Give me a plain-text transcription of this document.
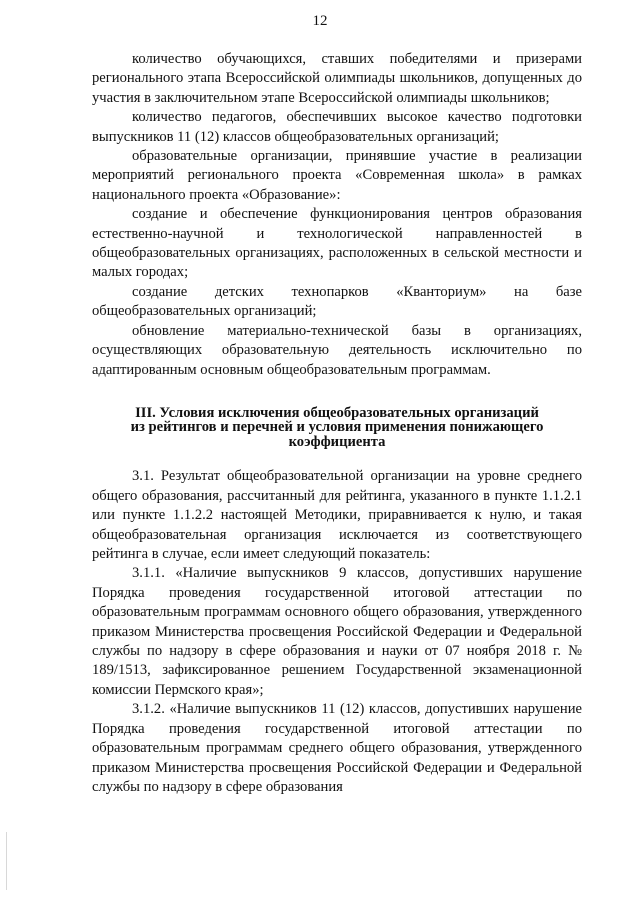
12

количество обучающихся, ставших победителями и призерами регионального этапа Всероссийской олимпиады школьников, допущенных до участия в заключительном этапе Всероссийской олимпиады школьников;

количество педагогов, обеспечивших высокое качество подготовки выпускников 11 (12) классов общеобразовательных организаций;

образовательные организации, принявшие участие в реализации мероприятий регионального проекта «Современная школа» в рамках национального проекта «Образование»:

создание и обеспечение функционирования центров образования естественно-научной и технологической направленностей в общеобразовательных организациях, расположенных в сельской местности и малых городах;

создание детских технопарков «Кванториум» на базе общеобразовательных организаций;

обновление материально-технической базы в организациях, осуществляющих образовательную деятельность исключительно по адаптированным основным общеобразовательным программам.

III. Условия исключения общеобразовательных организаций
из рейтингов и перечней и условия применения понижающего
коэффициента

3.1. Результат общеобразовательной организации на уровне среднего общего образования, рассчитанный для рейтинга, указанного в пункте 1.1.2.1 или пункте 1.1.2.2 настоящей Методики, приравнивается к нулю, и такая общеобразовательная организация исключается из соответствующего рейтинга в случае, если имеет следующий показатель:

3.1.1. «Наличие выпускников 9 классов, допустивших нарушение Порядка проведения государственной итоговой аттестации по образовательным программам основного общего образования, утвержденного приказом Министерства просвещения Российской Федерации и Федеральной службы по надзору в сфере образования и науки от 07 ноября 2018 г. № 189/1513, зафиксированное решением Государственной экзаменационной комиссии Пермского края»;

3.1.2. «Наличие выпускников 11 (12) классов, допустивших нарушение Порядка проведения государственной итоговой аттестации по образовательным программам среднего общего образования, утвержденного приказом Министерства просвещения Российской Федерации и Федеральной службы по надзору в сфере образования
